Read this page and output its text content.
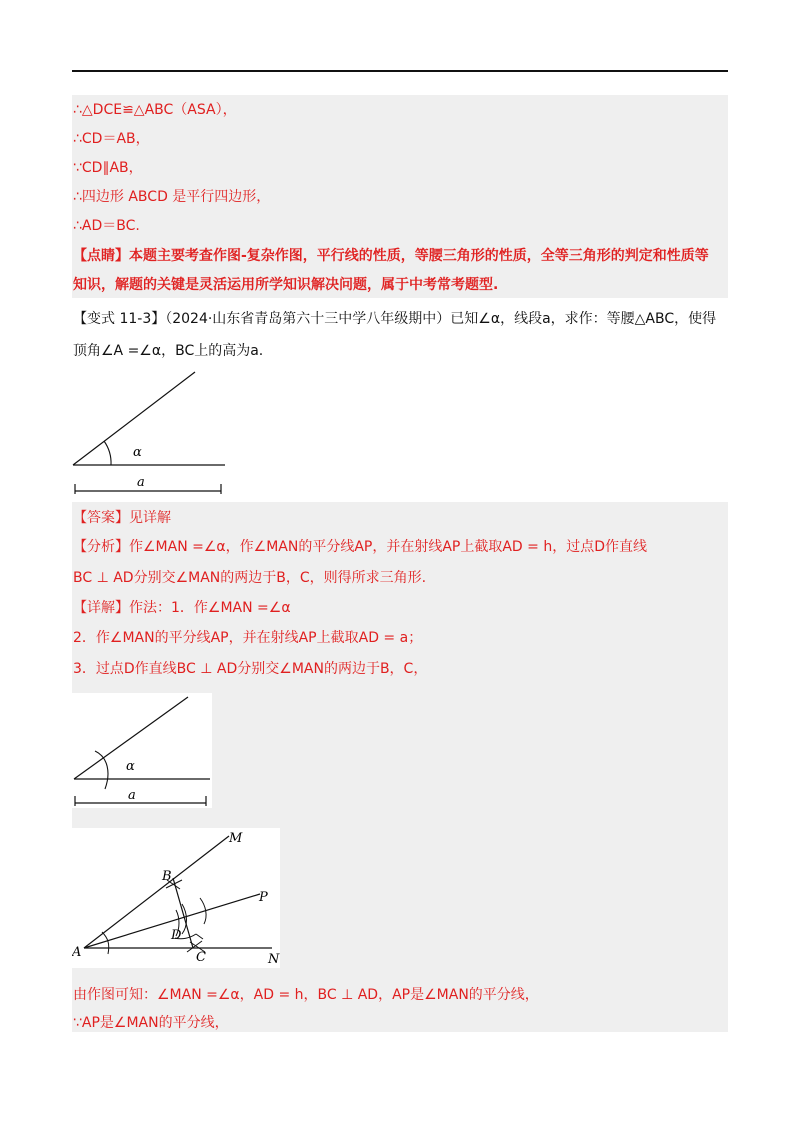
∴△DCE≌△ABC（ASA），
∴CD＝AB，
∵CD∥AB，
∴四边形 ABCD 是平行四边形，
∴AD＝BC.
【点睛】本题主要考查作图-复杂作图，平行线的性质，等腰三角形的性质，全等三角形的判定和性质等
知识，解题的关键是灵活运用所学知识解决问题，属于中考常考题型.
【变式 11-3】（2024·山东省青岛第六十三中学八年级期中）已知∠α，线段a，求作：等腰△ABC，使得
顶角∠A =∠α，BC上的高为a.
α
a
【答案】见详解
【分析】作∠MAN =∠α，作∠MAN的平分线AP，并在射线AP上截取AD = h，过点D作直线
BC ⊥ AD分别交∠MAN的两边于B，C，则得所求三角形.
【详解】作法：1．作∠MAN =∠α
2．作∠MAN的平分线AP，并在射线AP上截取AD = a；
3．过点D作直线BC ⊥ AD分别交∠MAN的两边于B，C，
α
a
M
N
A
B
C
D
P
由作图可知：∠MAN =∠α，AD = h，BC ⊥ AD，AP是∠MAN的平分线，
∵AP是∠MAN的平分线，
